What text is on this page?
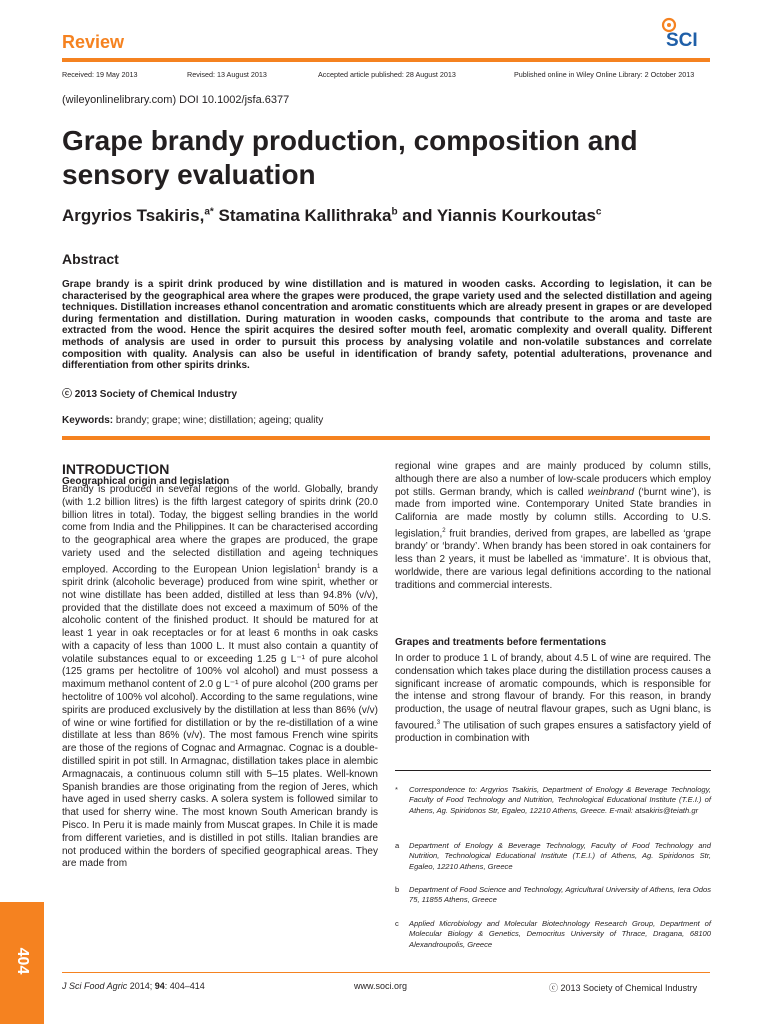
Review	SCI
Received: 19 May 2013	Revised: 13 August 2013	Accepted article published: 28 August 2013	Published online in Wiley Online Library: 2 October 2013
(wileyonlinelibrary.com) DOI 10.1002/jsfa.6377
Grape brandy production, composition and sensory evaluation
Argyrios Tsakiris,$^{a*}$ Stamatina Kallithraka$^b$ and Yiannis Kourkoutas$^c$
Abstract
Grape brandy is a spirit drink produced by wine distillation and is matured in wooden casks. According to legislation, it can be characterised by the geographical area where the grapes were produced, the grape variety used and the selected distillation and ageing techniques. Distillation increases ethanol concentration and aromatic constituents which are already present in grapes or are developed during fermentation and distillation. During maturation in wooden casks, compounds that contribute to the aroma and taste are extracted from the wood. Hence the spirit acquires the desired softer mouth feel, aromatic complexity and overall quality. Different methods of analysis are used in order to pursuit this process by analysing volatile and non-volatile substances and correlate composition with quality. Analysis can also be useful in identification of brandy safety, potential adulterations, provenance and differentiation from other spirits drinks.
ⓒ 2013 Society of Chemical Industry
Keywords: brandy; grape; wine; distillation; ageing; quality
INTRODUCTION
Geographical origin and legislation
Brandy is produced in several regions of the world. Globally, brandy (with 1.2 billion litres) is the fifth largest category of spirits drink (20.0 billion litres in total). Today, the biggest selling brandies in the world come from India and the Philippines. It can be characterised according to the geographical area where the grapes are produced, the grape variety used and the selected distillation and ageing techniques employed. According to the European Union legislation$^1$ brandy is a spirit drink (alcoholic beverage) produced from wine spirit, whether or not wine distillate has been added, distilled at less than 94.8% (v/v), provided that the distillate does not exceed a maximum of 50% of the alcoholic content of the finished product. It should be matured for at least 1 year in oak receptacles or for at least 6 months in oak casks with a capacity of less than 1000 L. It must also contain a quantity of volatile substances equal to or exceeding 1.25 g L⁻¹ of pure alcohol (125 grams per hectolitre of 100% vol alcohol) and must possess a maximum methanol content of 2.0 g L⁻¹ of pure alcohol (200 grams per hectolitre of 100% vol alcohol). According to the same regulations, wine spirits are produced exclusively by the distillation at less than 86% (v/v) of wine or wine fortified for distillation or by the re-distillation of a wine distillate at less than 86% (v/v). The most famous French wine spirits are those of the regions of Cognac and Armagnac. Cognac is a double-distilled spirit in pot still. In Armagnac, distillation takes place in alembic Armagnacais, a continuous column still with 5–15 plates. Well-known Spanish brandies are those originating from the region of Jeres, which have aged in used sherry casks. A solera system is followed similar to that used for sherry wine. The most known South American brandy is Pisco. In Peru it is made mainly from Muscat grapes. In Chile it is made from different varieties, and is distilled in pot stills. Italian brandies are not produced within the borders of specified geographical areas. They are made from
regional wine grapes and are mainly produced by column stills, although there are also a number of low-scale producers which employ pot stills. German brandy, which is called weinbrand (‘burnt wine’), is made from imported wine. Contemporary United State brandies in California are made mostly by column stills. According to U.S. legislation,$^2$ fruit brandies, derived from grapes, are labelled as ‘grape brandy’ or ‘brandy’. When brandy has been stored in oak containers for less than 2 years, it must be labelled as ‘immature’. It is obvious that, worldwide, there are various legal definitions according to the national traditions and commercial interests.
Grapes and treatments before fermentations
In order to produce 1 L of brandy, about 4.5 L of wine are required. The condensation which takes place during the distillation process causes a significant increase of aromatic compounds, which is responsible for the intense and strong flavour of brandy. For this reason, in brandy production, the usage of neutral flavour grapes, such as Ugni blanc, is favoured.$^3$ The utilisation of such grapes ensures a satisfactory yield of production in combination with
* Correspondence to: Argyrios Tsakiris, Department of Enology & Beverage Technology, Faculty of Food Technology and Nutrition, Technological Educational Institute (T.E.I.) of Athens, Ag. Spiridonos Str, Egaleo, 12210 Athens, Greece. E-mail: atsakiris@teiath.gr
a Department of Enology & Beverage Technology, Faculty of Food Technology and Nutrition, Technological Educational Institute (T.E.I.) of Athens, Ag. Spiridonos Str, Egaleo, 12210 Athens, Greece
b Department of Food Science and Technology, Agricultural University of Athens, Iera Odos 75, 11855 Athens, Greece
c Applied Microbiology and Molecular Biotechnology Research Group, Department of Molecular Biology & Genetics, Democritus University of Thrace, Dragana, 68100 Alexandroupolis, Greece
404
J Sci Food Agric 2014; 94: 404–414	www.soci.org	ⓒ 2013 Society of Chemical Industry
